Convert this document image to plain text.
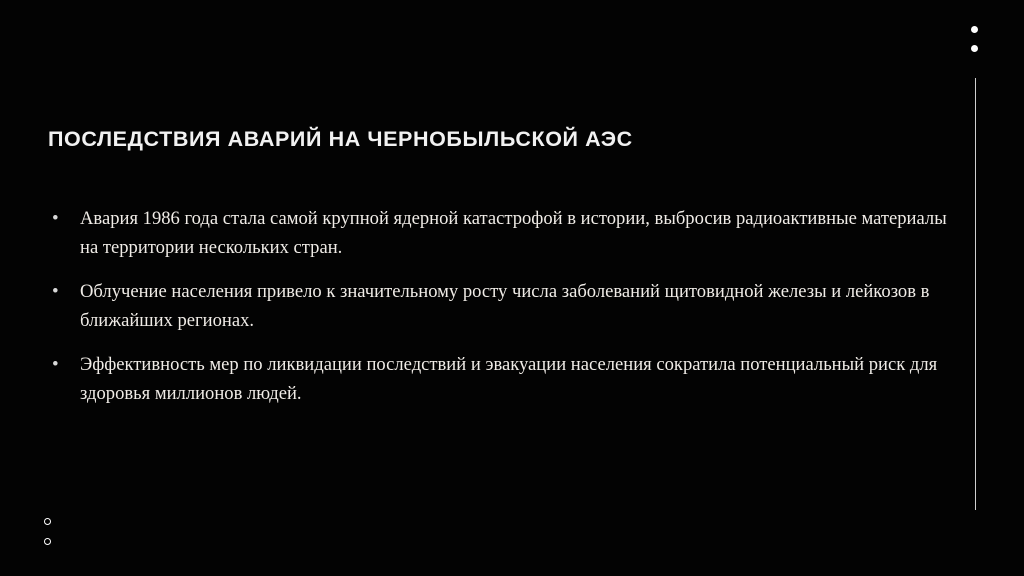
ПОСЛЕДСТВИЯ АВАРИЙ НА ЧЕРНОБЫЛЬСКОЙ АЭС
•	Авария 1986 года стала самой крупной ядерной катастрофой в истории, выбросив радиоактивные материалы на территории нескольких стран.
•	Облучение населения привело к значительному росту числа заболеваний щитовидной железы и лейкозов в ближайших регионах.
•	Эффективность мер по ликвидации последствий и эвакуации населения сократила потенциальный риск для здоровья миллионов людей.
